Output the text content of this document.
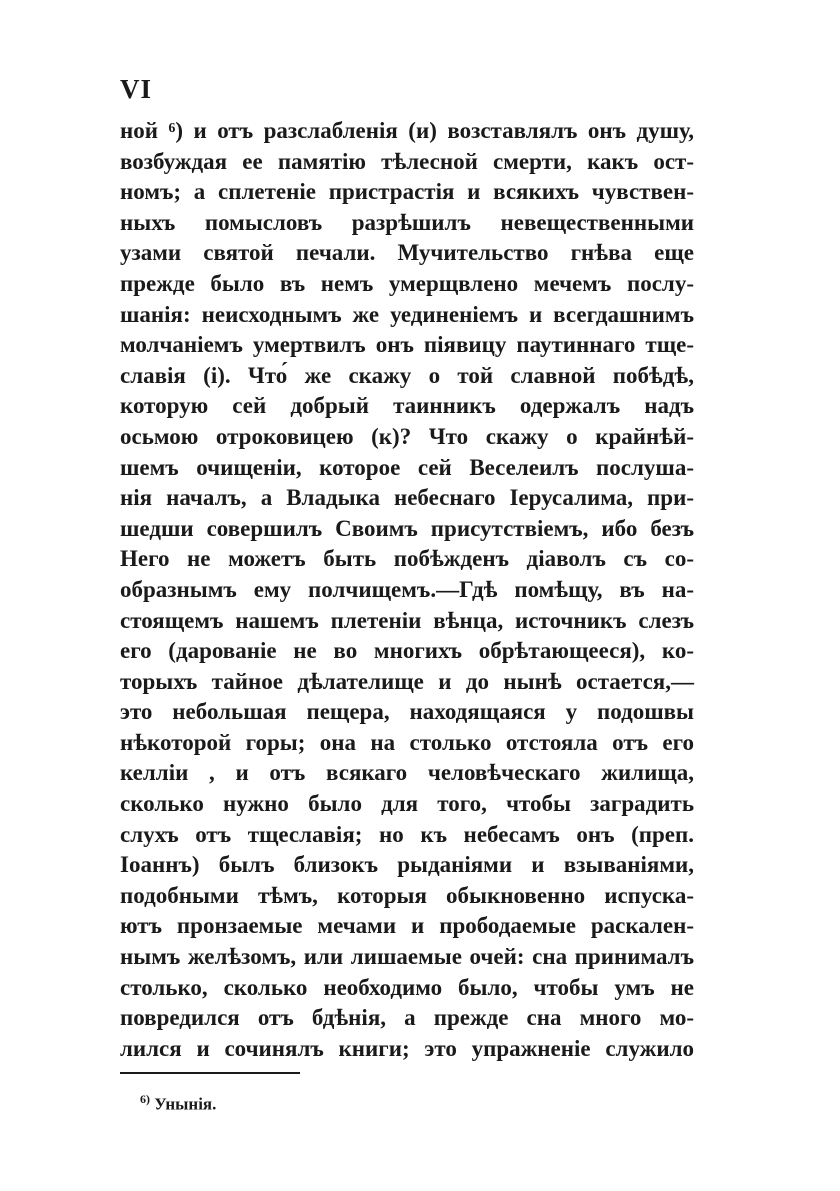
VI
ной ⁶) и отъ разслабленія (и) возставлялъ онъ душу,
возбуждая ее памятію тѣлесной смерти, какъ ост-
номъ; а сплетеніе пристрастія и всякихъ чувствен-
ныхъ помысловъ разрѣшилъ невещественными
узами святой печали. Мучительство гнѣва еще
прежде было въ немъ умерщвлено мечемъ послу-
шанія: неисходнымъ же уединеніемъ и всегдашнимъ
молчаніемъ умертвилъ онъ піявицу паутиннаго тще-
славія (і). Что́ же скажу о той славной побѣдѣ,
которую сей добрый таинникъ одержалъ надъ
осьмою отроковицею (к)? Что скажу о крайнѣй-
шемъ очищеніи, которое сей Веселеилъ послуша-
нія началъ, а Владыка небеснаго Іерусалима, при-
шедши совершилъ Своимъ присутствіемъ, ибо безъ
Него не можетъ быть побѣжденъ діаволъ съ со-
образнымъ ему полчищемъ.—Гдѣ помѣщу, въ на-
стоящемъ нашемъ плетеніи вѣнца, источникъ слезъ
его (дарованіе не во многихъ обрѣтающееся), ко-
торыхъ тайное дѣлателище и до нынѣ остается,—
это небольшая пещера, находящаяся у подошвы
нѣкоторой горы; она на столько отстояла отъ его
келліи , и отъ всякаго человѣческаго жилища,
сколько нужно было для того, чтобы заградить
слухъ отъ тщеславія; но къ небесамъ онъ (преп.
Іоаннъ) былъ близокъ рыданіями и взываніями,
подобными тѣмъ, которыя обыкновенно испуска-
ютъ пронзаемые мечами и прободаемые раскален-
нымъ желѣзомъ, или лишаемые очей: сна принималъ
столько, сколько необходимо было, чтобы умъ не
повредился отъ бдѣнія, а прежде сна много мо-
лился и сочинялъ книги; это упражненіе служило
$^{6)}$ Унынія.
